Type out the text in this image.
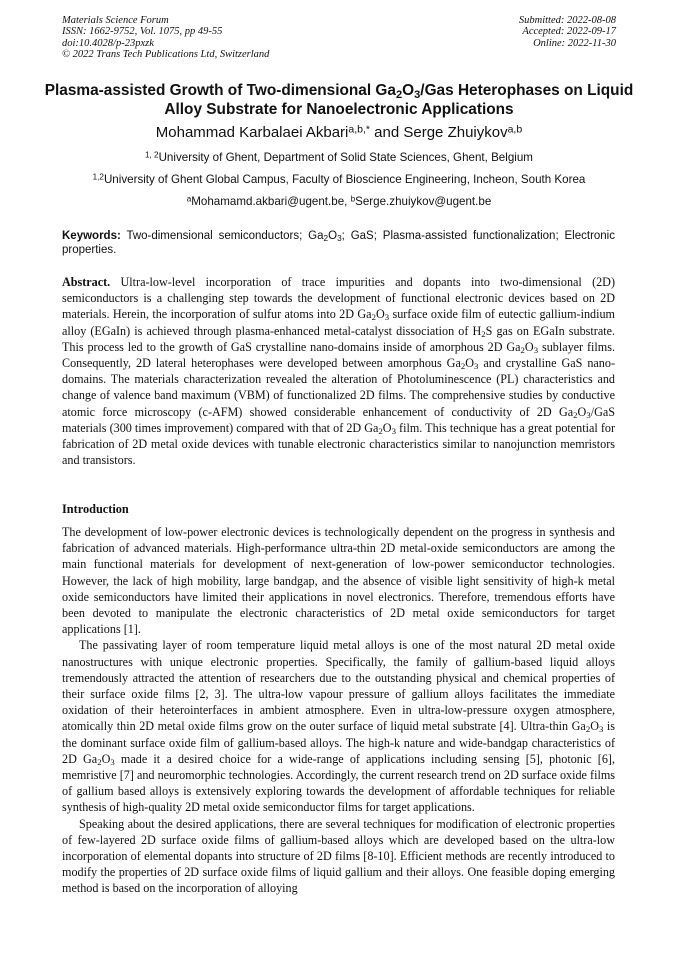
Materials Science Forum
ISSN: 1662-9752, Vol. 1075, pp 49-55
doi:10.4028/p-23pxzk
© 2022 Trans Tech Publications Ltd, Switzerland
Submitted: 2022-08-08
Accepted: 2022-09-17
Online: 2022-11-30
Plasma-assisted Growth of Two-dimensional $Ga_2O_3$/Gas Heterophases on Liquid Alloy Substrate for Nanoelectronic Applications
Mohammad Karbalaei Akbari$^{a,b,*}$ and Serge Zhuiykov$^{a,b}$
$^{1, 2}$University of Ghent, Department of Solid State Sciences, Ghent, Belgium
$^{1,2}$University of Ghent Global Campus, Faculty of Bioscience Engineering, Incheon, South Korea
$^a$Mohamamd.akbari@ugent.be, $^b$Serge.zhuiykov@ugent.be
Keywords: Two-dimensional semiconductors; $Ga_2O_3$; GaS; Plasma-assisted functionalization; Electronic properties.
Abstract. Ultra-low-level incorporation of trace impurities and dopants into two-dimensional (2D) semiconductors is a challenging step towards the development of functional electronic devices based on 2D materials. Herein, the incorporation of sulfur atoms into 2D $Ga_2O_3$ surface oxide film of eutectic gallium-indium alloy (EGaIn) is achieved through plasma-enhanced metal-catalyst dissociation of $H_2S$ gas on EGaIn substrate. This process led to the growth of GaS crystalline nano-domains inside of amorphous 2D $Ga_2O_3$ sublayer films. Consequently, 2D lateral heterophases were developed between amorphous $Ga_2O_3$ and crystalline GaS nano-domains. The materials characterization revealed the alteration of Photoluminescence (PL) characteristics and change of valence band maximum (VBM) of functionalized 2D films. The comprehensive studies by conductive atomic force microscopy (c-AFM) showed considerable enhancement of conductivity of 2D $Ga_2O_3$/GaS materials (300 times improvement) compared with that of 2D $Ga_2O_3$ film. This technique has a great potential for fabrication of 2D metal oxide devices with tunable electronic characteristics similar to nanojunction memristors and transistors.
Introduction

The development of low-power electronic devices is technologically dependent on the progress in synthesis and fabrication of advanced materials. High-performance ultra-thin 2D metal-oxide semiconductors are among the main functional materials for development of next-generation of low-power semiconductor technologies. However, the lack of high mobility, large bandgap, and the absence of visible light sensitivity of high-k metal oxide semiconductors have limited their applications in novel electronics. Therefore, tremendous efforts have been devoted to manipulate the electronic characteristics of 2D metal oxide semiconductors for target applications [1].

The passivating layer of room temperature liquid metal alloys is one of the most natural 2D metal oxide nanostructures with unique electronic properties. Specifically, the family of gallium-based liquid alloys tremendously attracted the attention of researchers due to the outstanding physical and chemical properties of their surface oxide films [2, 3]. The ultra-low vapour pressure of gallium alloys facilitates the immediate oxidation of their heterointerfaces in ambient atmosphere. Even in ultra-low-pressure oxygen atmosphere, atomically thin 2D metal oxide films grow on the outer surface of liquid metal substrate [4]. Ultra-thin $Ga_2O_3$ is the dominant surface oxide film of gallium-based alloys. The high-k nature and wide-bandgap characteristics of 2D $Ga_2O_3$ made it a desired choice for a wide-range of applications including sensing [5], photonic [6], memristive [7] and neuromorphic technologies. Accordingly, the current research trend on 2D surface oxide films of gallium based alloys is extensively exploring towards the development of affordable techniques for reliable synthesis of high-quality 2D metal oxide semiconductor films for target applications.

Speaking about the desired applications, there are several techniques for modification of electronic properties of few-layered 2D surface oxide films of gallium-based alloys which are developed based on the ultra-low incorporation of elemental dopants into structure of 2D films [8-10]. Efficient methods are recently introduced to modify the properties of 2D surface oxide films of liquid gallium and their alloys. One feasible doping emerging method is based on the incorporation of alloying
